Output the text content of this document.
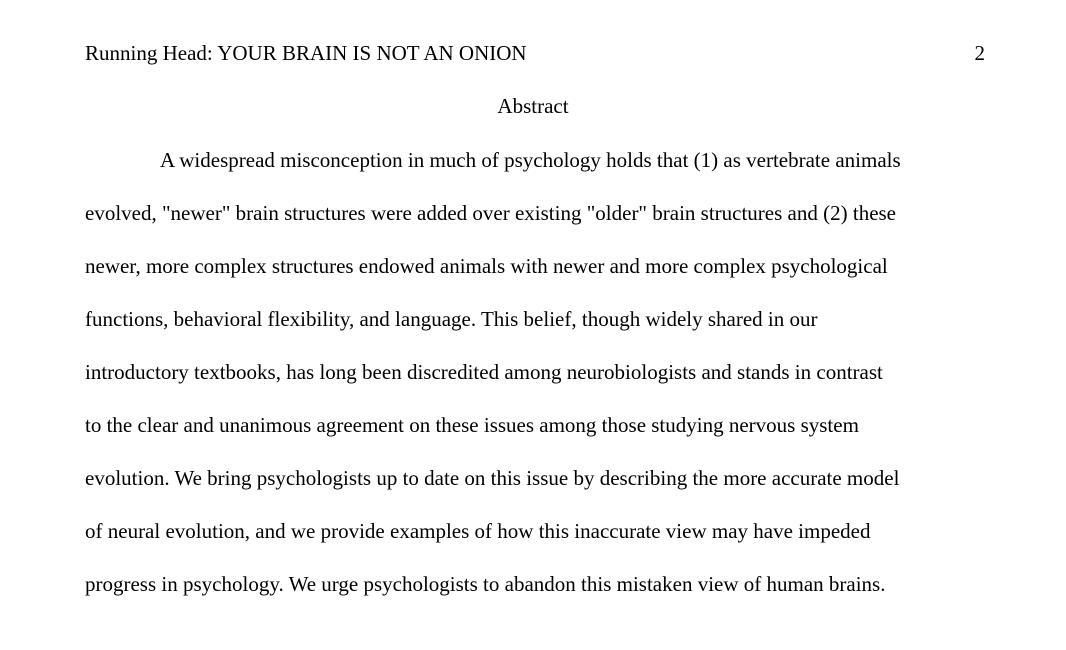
Running Head: YOUR BRAIN IS NOT AN ONION	2
Abstract
A widespread misconception in much of psychology holds that (1) as vertebrate animals
evolved, "newer" brain structures were added over existing "older" brain structures and (2) these
newer, more complex structures endowed animals with newer and more complex psychological
functions, behavioral flexibility, and language. This belief, though widely shared in our
introductory textbooks, has long been discredited among neurobiologists and stands in contrast
to the clear and unanimous agreement on these issues among those studying nervous system
evolution. We bring psychologists up to date on this issue by describing the more accurate model
of neural evolution, and we provide examples of how this inaccurate view may have impeded
progress in psychology. We urge psychologists to abandon this mistaken view of human brains.
